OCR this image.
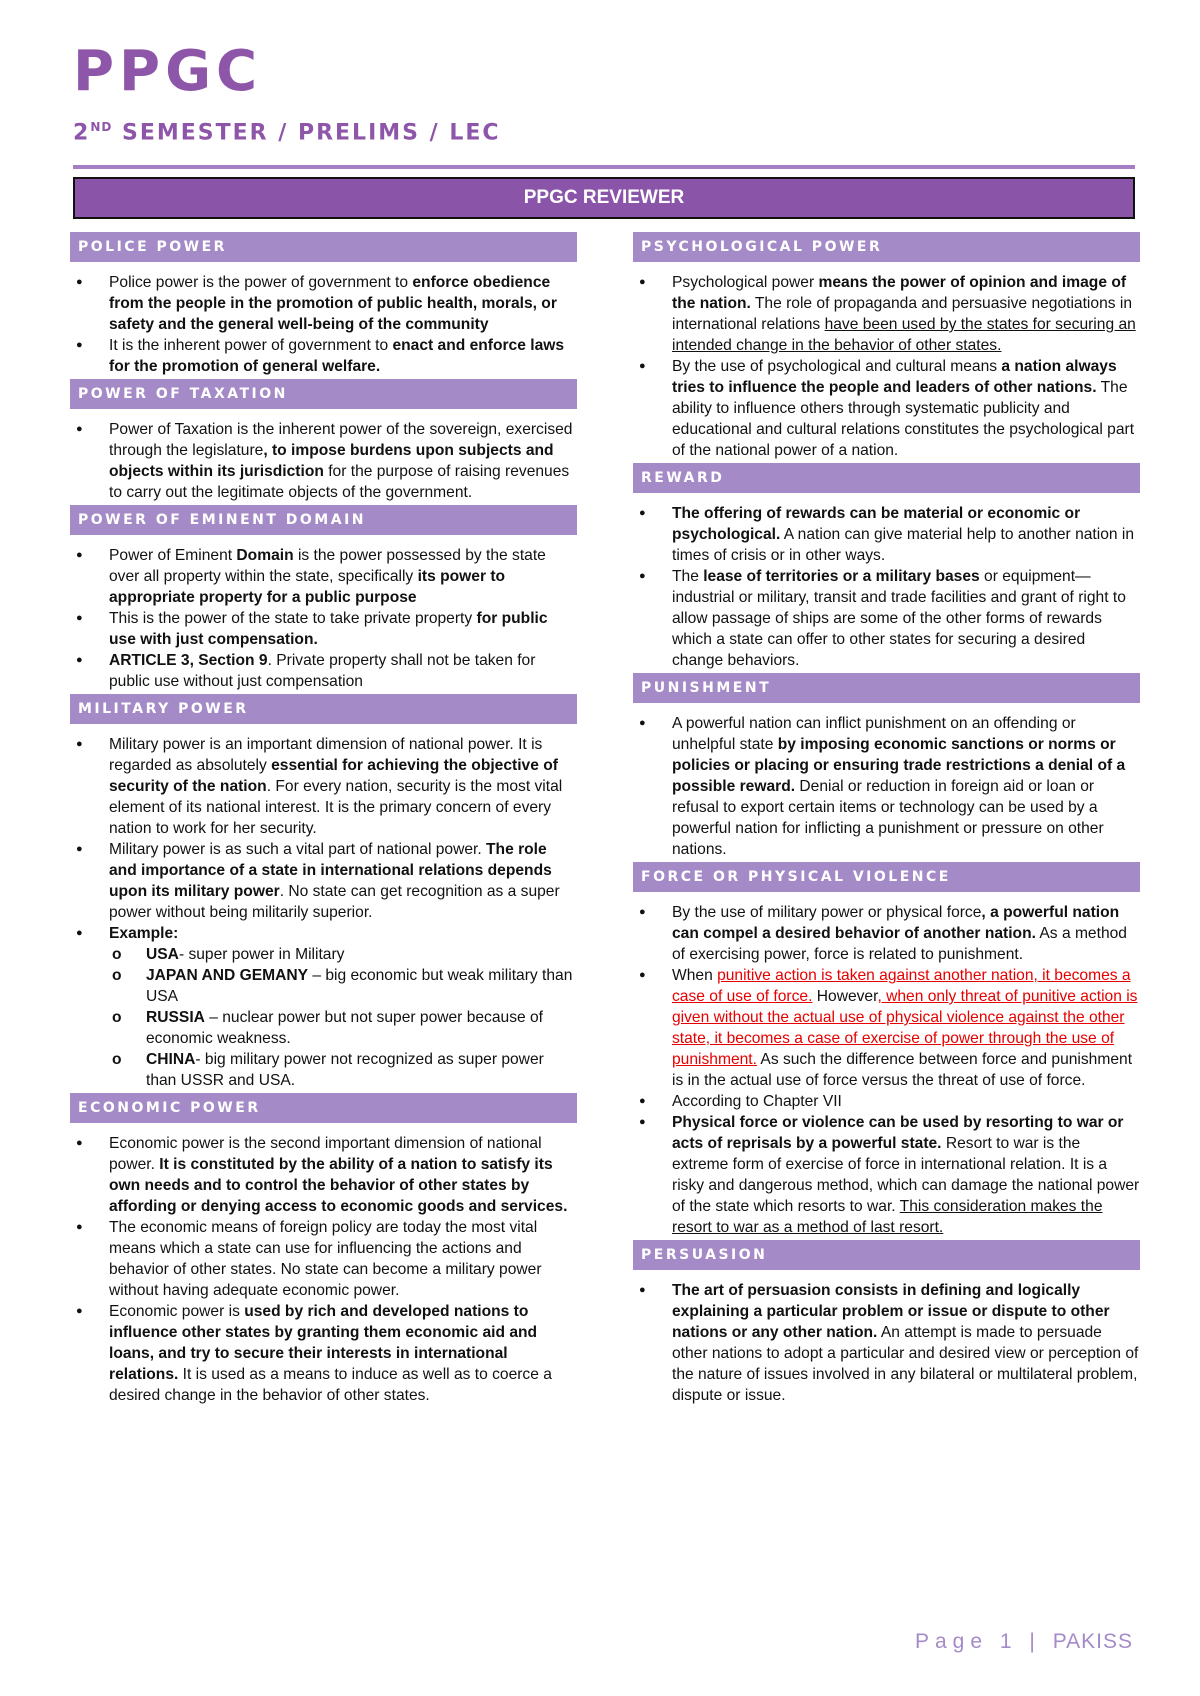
PPGC
2ND SEMESTER / PRELIMS / LEC
PPGC REVIEWER
POLICE POWER
● Police power is the power of government to enforce obedience from the people in the promotion of public health, morals, or safety and the general well-being of the community
● It is the inherent power of government to enact and enforce laws for the promotion of general welfare.
POWER OF TAXATION
● Power of Taxation is the inherent power of the sovereign, exercised through the legislature, to impose burdens upon subjects and objects within its jurisdiction for the purpose of raising revenues to carry out the legitimate objects of the government.
POWER OF EMINENT DOMAIN
● Power of Eminent Domain is the power possessed by the state over all property within the state, specifically its power to appropriate property for a public purpose
● This is the power of the state to take private property for public use with just compensation.
● ARTICLE 3, Section 9. Private property shall not be taken for public use without just compensation
MILITARY POWER
● Military power is an important dimension of national power. It is regarded as absolutely essential for achieving the objective of security of the nation. For every nation, security is the most vital element of its national interest. It is the primary concern of every nation to work for her security.
● Military power is as such a vital part of national power. The role and importance of a state in international relations depends upon its military power. No state can get recognition as a super power without being militarily superior.
● Example:
o USA- super power in Military
o JAPAN AND GEMANY – big economic but weak military than USA
o RUSSIA – nuclear power but not super power because of economic weakness.
o CHINA- big military power not recognized as super power than USSR and USA.
ECONOMIC POWER
● Economic power is the second important dimension of national power. It is constituted by the ability of a nation to satisfy its own needs and to control the behavior of other states by affording or denying access to economic goods and services.
● The economic means of foreign policy are today the most vital means which a state can use for influencing the actions and behavior of other states. No state can become a military power without having adequate economic power.
● Economic power is used by rich and developed nations to influence other states by granting them economic aid and loans, and try to secure their interests in international relations. It is used as a means to induce as well as to coerce a desired change in the behavior of other states.
PSYCHOLOGICAL POWER
● Psychological power means the power of opinion and image of the nation. The role of propaganda and persuasive negotiations in international relations have been used by the states for securing an intended change in the behavior of other states.
● By the use of psychological and cultural means a nation always tries to influence the people and leaders of other nations. The ability to influence others through systematic publicity and educational and cultural relations constitutes the psychological part of the national power of a nation.
REWARD
● The offering of rewards can be material or economic or psychological. A nation can give material help to another nation in times of crisis or in other ways.
● The lease of territories or a military bases or equipment— industrial or military, transit and trade facilities and grant of right to allow passage of ships are some of the other forms of rewards which a state can offer to other states for securing a desired change behaviors.
PUNISHMENT
● A powerful nation can inflict punishment on an offending or unhelpful state by imposing economic sanctions or norms or policies or placing or ensuring trade restrictions a denial of a possible reward. Denial or reduction in foreign aid or loan or refusal to export certain items or technology can be used by a powerful nation for inflicting a punishment or pressure on other nations.
FORCE OR PHYSICAL VIOLENCE
● By the use of military power or physical force, a powerful nation can compel a desired behavior of another nation. As a method of exercising power, force is related to punishment.
● When punitive action is taken against another nation, it becomes a case of use of force. However, when only threat of punitive action is given without the actual use of physical violence against the other state, it becomes a case of exercise of power through the use of punishment. As such the difference between force and punishment is in the actual use of force versus the threat of use of force.
● According to Chapter VII
● Physical force or violence can be used by resorting to war or acts of reprisals by a powerful state. Resort to war is the extreme form of exercise of force in international relation. It is a risky and dangerous method, which can damage the national power of the state which resorts to war. This consideration makes the resort to war as a method of last resort.
PERSUASION
● The art of persuasion consists in defining and logically explaining a particular problem or issue or dispute to other nations or any other nation. An attempt is made to persuade other nations to adopt a particular and desired view or perception of the nature of issues involved in any bilateral or multilateral problem, dispute or issue.
Page 1 | PAKISS
